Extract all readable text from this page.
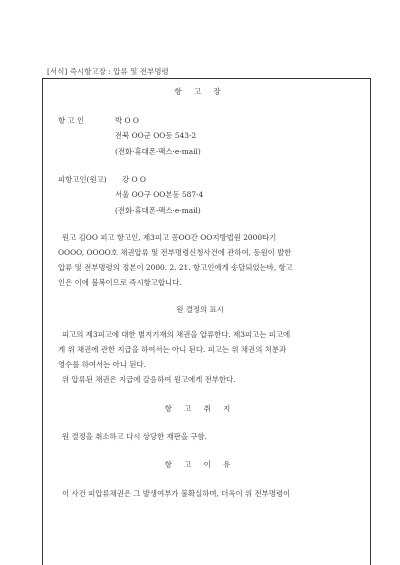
[서식] 즉시항고장 : 압류 및 전부명령
항 고 장
항 고 인	박 O O
전북 OO군 OO동 543-2
(전화·휴대폰·팩스·e-mail)
피항고인(원고) 강 O O
서울 OO구 OO본동 587-4
(전화·휴대폰·팩스·e-mail)
원고 김OO 피고 항고인, 제3피고 꽁OO간 OO지방법원 2000타기
OOOO, OOOO호 채권압류 및 전부명령신청사건에 관하여, 동원이 발한
압류 및 전부명령의 정본이 2000. 2. 21. 항고인에게 송달되었는바, 항고
인은 이에 불복이므로 즉시항고합니다.
원 결정의 표시
피고의 제3피고에 대한 별지기재의 채권을 압류한다. 제3피고는 피고에
게 위 채권에 관한 지급을 하여서는 아니 된다. 피고는 위 채권의 처분과
영수를 하여서는 아니 된다.
위 압류된 채권은 지급에 갈음하여 원고에게 전부한다.
항 고 취 지
원 결정을 취소하고 다시 상당한 재판을 구함.
항 고 이 유
이 사건 피압류채권은 그 발생여부가 불확실하며, 더욱이 위 전부명령이
